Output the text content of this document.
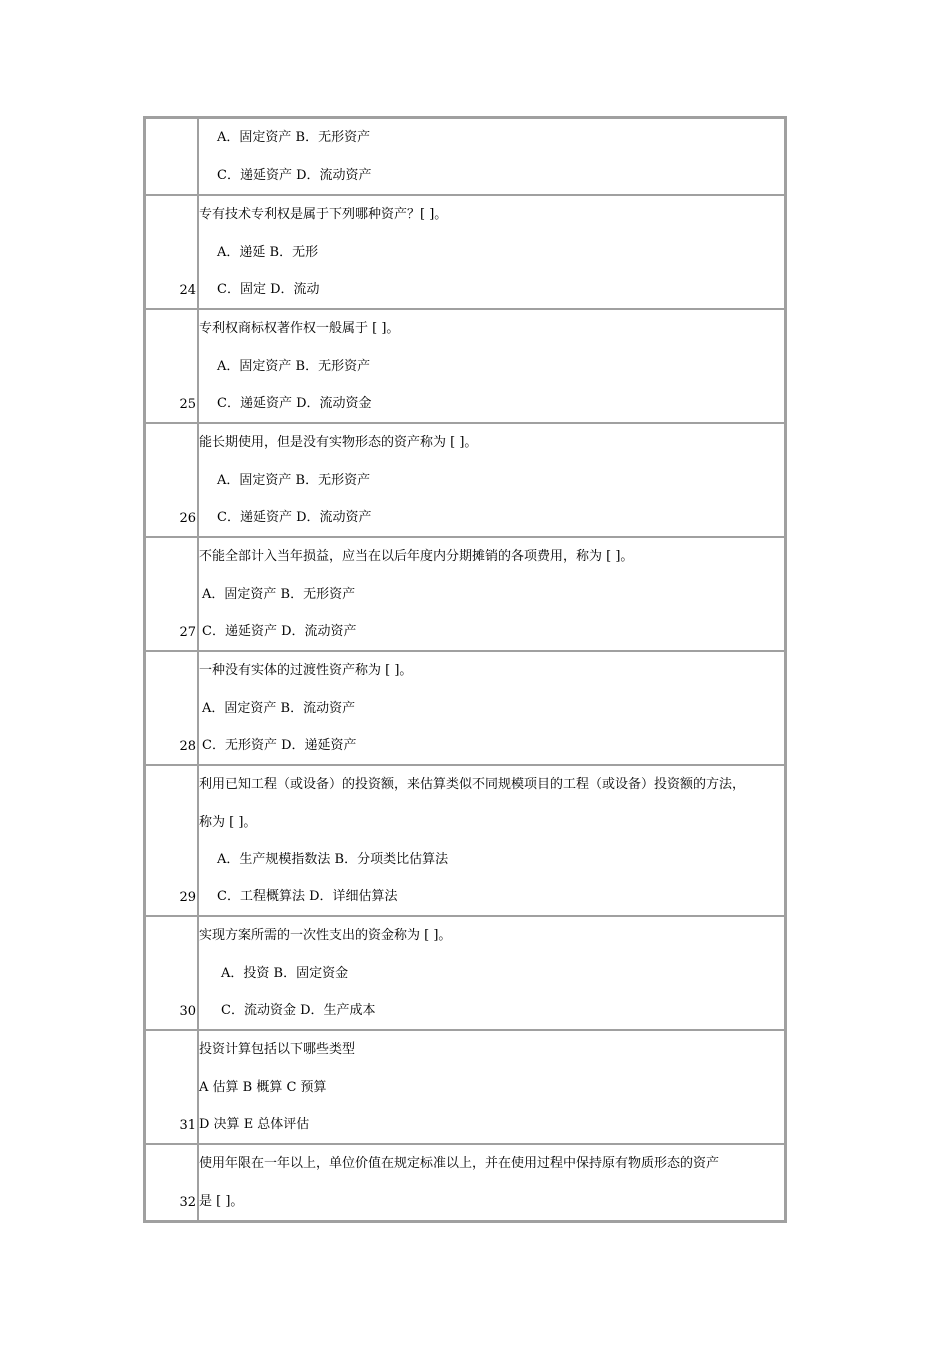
	A．固定资产 B．无形资产
C．递延资产 D．流动资产

24	专有技术专利权是属于下列哪种资产？[ ]。
A．递延 B．无形
C．固定 D．流动

25	专利权商标权著作权一般属于 [ ]。
A．固定资产 B．无形资产
C．递延资产 D．流动资金

26	能长期使用，但是没有实物形态的资产称为 [ ]。
A．固定资产 B．无形资产
C．递延资产 D．流动资产

27	不能全部计入当年损益，应当在以后年度内分期摊销的各项费用，称为 [ ]。
A．固定资产 B．无形资产
C．递延资产 D．流动资产

28	一种没有实体的过渡性资产称为 [ ]。
A．固定资产 B．流动资产
C．无形资产 D．递延资产

29	利用已知工程（或设备）的投资额，来估算类似不同规模项目的工程（或设备）投资额的方法，
称为 [ ]。
A．生产规模指数法 B．分项类比估算法
C．工程概算法 D．详细估算法

30	实现方案所需的一次性支出的资金称为 [ ]。
A．投资 B．固定资金
C．流动资金 D．生产成本

31	投资计算包括以下哪些类型
A 估算 B 概算 C 预算
D 决算 E 总体评估

32	使用年限在一年以上，单位价值在规定标准以上，并在使用过程中保持原有物质形态的资产
是 [ ]。
